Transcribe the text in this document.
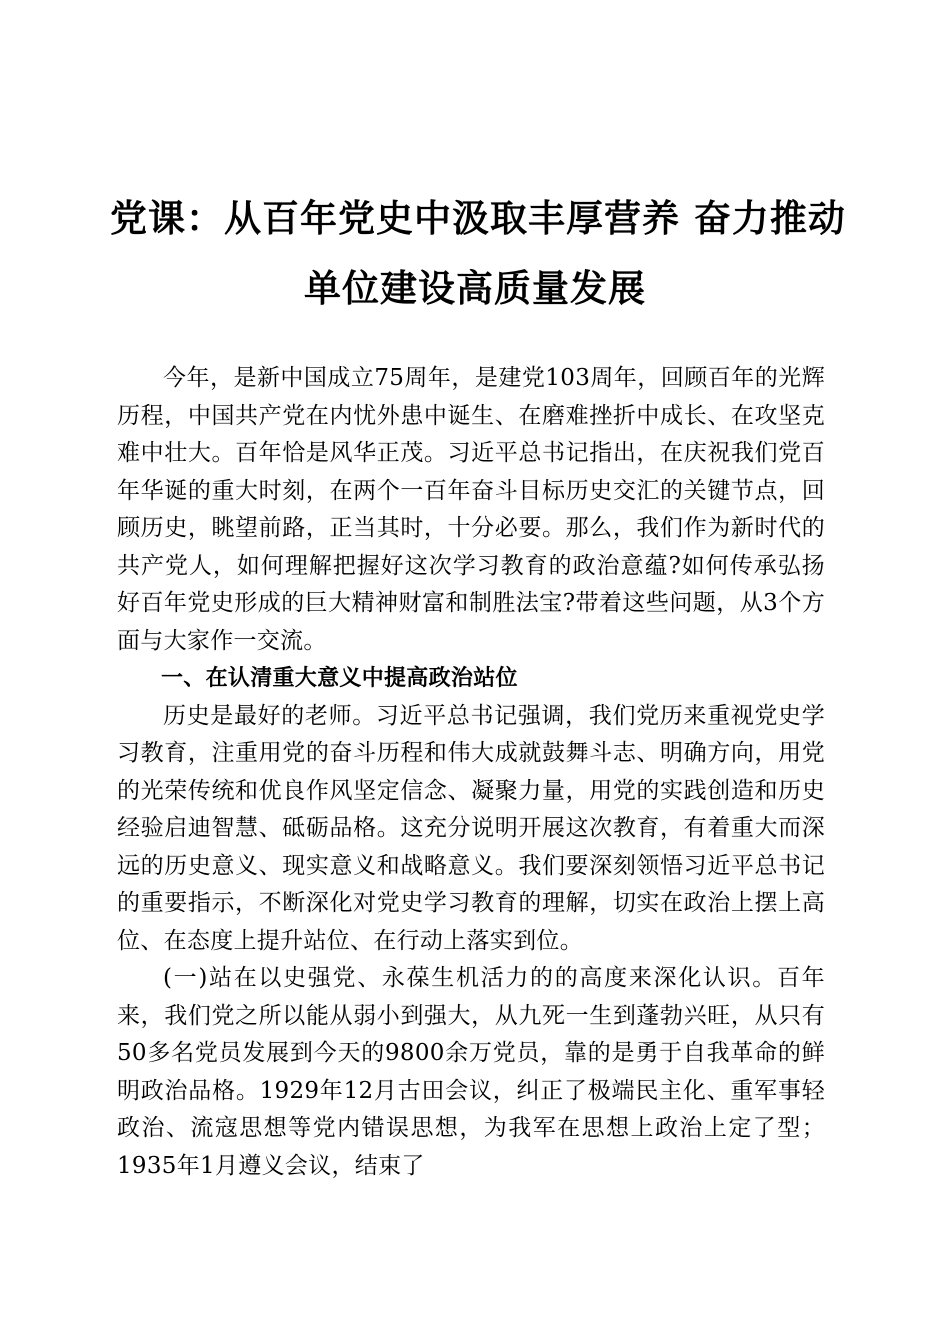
党课：从百年党史中汲取丰厚营养 奋力推动
单位建设高质量发展

今年，是新中国成立75周年，是建党103周年，回顾百年的光辉历程，中国共产党在内忧外患中诞生、在磨难挫折中成长、在攻坚克难中壮大。百年恰是风华正茂。习近平总书记指出，在庆祝我们党百年华诞的重大时刻，在两个一百年奋斗目标历史交汇的关键节点，回顾历史，眺望前路，正当其时，十分必要。那么，我们作为新时代的共产党人，如何理解把握好这次学习教育的政治意蕴?如何传承弘扬好百年党史形成的巨大精神财富和制胜法宝?带着这些问题，从3个方面与大家作一交流。

一、在认清重大意义中提高政治站位

历史是最好的老师。习近平总书记强调，我们党历来重视党史学习教育，注重用党的奋斗历程和伟大成就鼓舞斗志、明确方向，用党的光荣传统和优良作风坚定信念、凝聚力量，用党的实践创造和历史经验启迪智慧、砥砺品格。这充分说明开展这次教育，有着重大而深远的历史意义、现实意义和战略意义。我们要深刻领悟习近平总书记的重要指示，不断深化对党史学习教育的理解，切实在政治上摆上高位、在态度上提升站位、在行动上落实到位。

(一)站在以史强党、永葆生机活力的的高度来深化认识。百年来，我们党之所以能从弱小到强大，从九死一生到蓬勃兴旺，从只有50多名党员发展到今天的9800余万党员，靠的是勇于自我革命的鲜明政治品格。1929年12月古田会议，纠正了极端民主化、重军事轻政治、流寇思想等党内错误思想，为我军在思想上政治上定了型；1935年1月遵义会议，结束了
